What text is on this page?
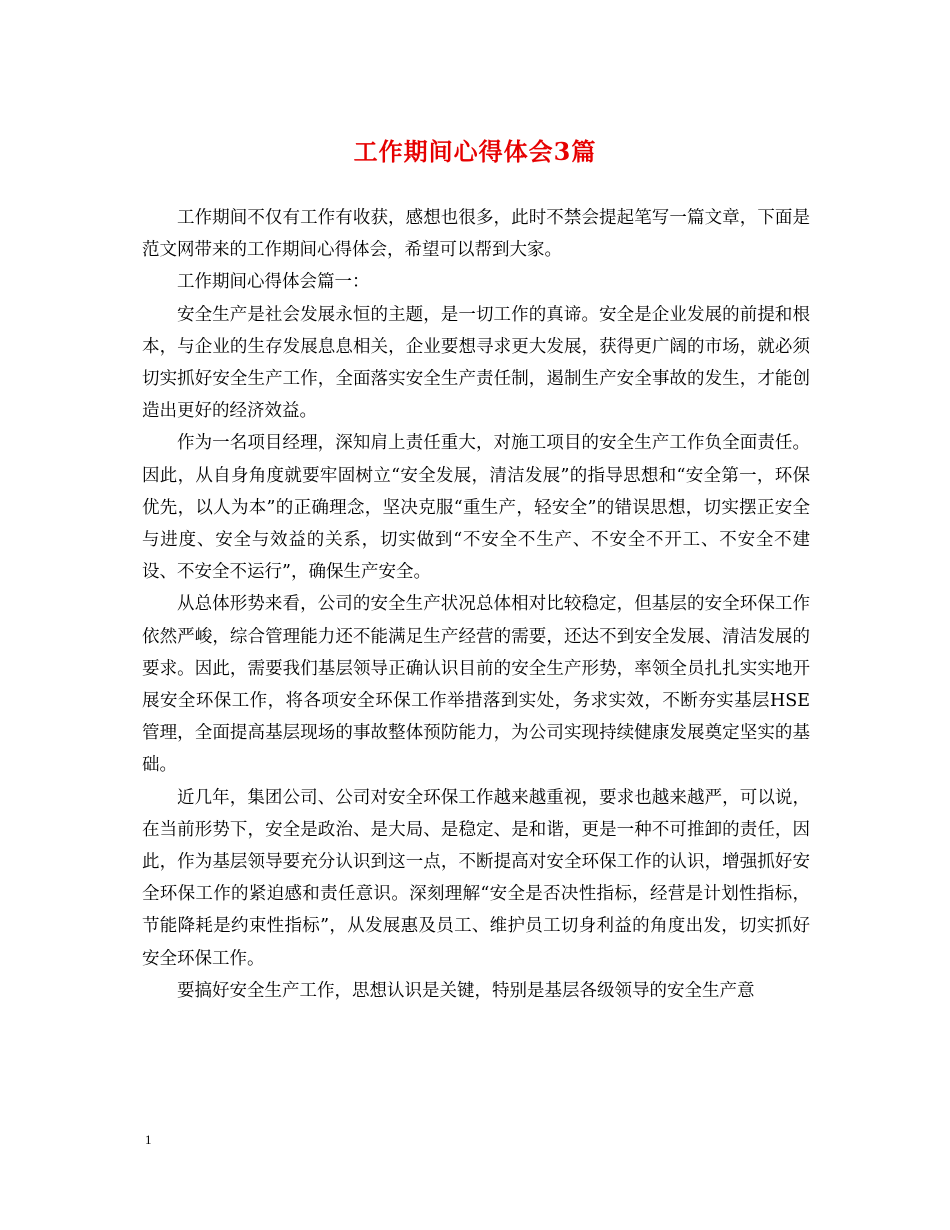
工作期间心得体会3篇

工作期间不仅有工作有收获，感想也很多，此时不禁会提起笔写一篇文章，下面是范文网带来的工作期间心得体会，希望可以帮到大家。

工作期间心得体会篇一：

安全生产是社会发展永恒的主题，是一切工作的真谛。安全是企业发展的前提和根本，与企业的生存发展息息相关，企业要想寻求更大发展，获得更广阔的市场，就必须切实抓好安全生产工作，全面落实安全生产责任制，遏制生产安全事故的发生，才能创造出更好的经济效益。

作为一名项目经理，深知肩上责任重大，对施工项目的安全生产工作负全面责任。因此，从自身角度就要牢固树立“安全发展，清洁发展”的指导思想和“安全第一，环保优先，以人为本”的正确理念，坚决克服“重生产，轻安全”的错误思想，切实摆正安全与进度、安全与效益的关系，切实做到“不安全不生产、不安全不开工、不安全不建设、不安全不运行”，确保生产安全。

从总体形势来看，公司的安全生产状况总体相对比较稳定，但基层的安全环保工作依然严峻，综合管理能力还不能满足生产经营的需要，还达不到安全发展、清洁发展的要求。因此，需要我们基层领导正确认识目前的安全生产形势，率领全员扎扎实实地开展安全环保工作，将各项安全环保工作举措落到实处，务求实效，不断夯实基层HSE管理，全面提高基层现场的事故整体预防能力，为公司实现持续健康发展奠定坚实的基础。

近几年，集团公司、公司对安全环保工作越来越重视，要求也越来越严，可以说，在当前形势下，安全是政治、是大局、是稳定、是和谐，更是一种不可推卸的责任，因此，作为基层领导要充分认识到这一点，不断提高对安全环保工作的认识，增强抓好安全环保工作的紧迫感和责任意识。深刻理解“安全是否决性指标，经营是计划性指标，节能降耗是约束性指标”，从发展惠及员工、维护员工切身利益的角度出发，切实抓好安全环保工作。

要搞好安全生产工作，思想认识是关键，特别是基层各级领导的安全生产意

1
